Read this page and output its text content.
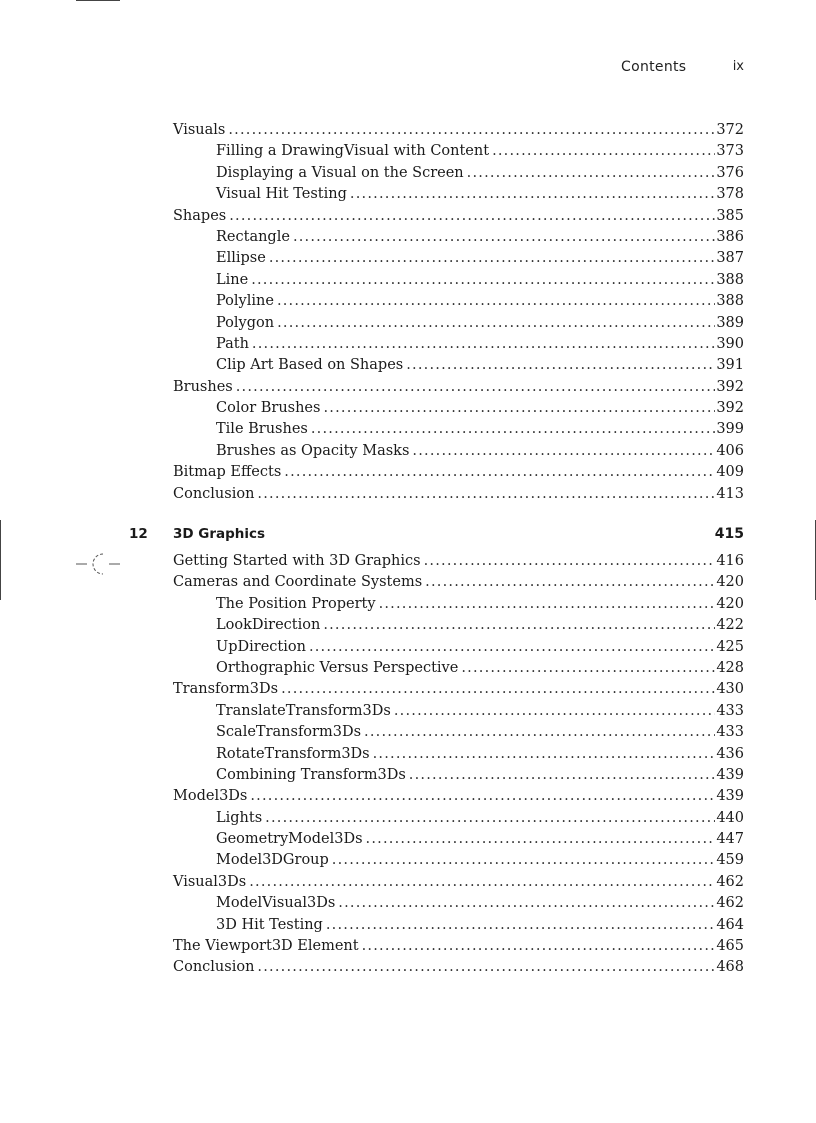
Contents	ix
Visuals .....	372
Filling a DrawingVisual with Content .....	373
Displaying a Visual on the Screen .....	376
Visual Hit Testing .....	378
Shapes .....	385
Rectangle .....	386
Ellipse .....	387
Line .....	388
Polyline .....	388
Polygon .....	389
Path .....	390
Clip Art Based on Shapes .....	391
Brushes .....	392
Color Brushes .....	392
Tile Brushes .....	399
Brushes as Opacity Masks .....	406
Bitmap Effects .....	409
Conclusion .....	413
12 3D Graphics	415
Getting Started with 3D Graphics .....	416
Cameras and Coordinate Systems .....	420
The Position Property .....	420
LookDirection .....	422
UpDirection .....	425
Orthographic Versus Perspective .....	428
Transform3Ds .....	430
TranslateTransform3Ds .....	433
ScaleTransform3Ds .....	433
RotateTransform3Ds .....	436
Combining Transform3Ds .....	439
Model3Ds .....	439
Lights .....	440
GeometryModel3Ds .....	447
Model3DGroup .....	459
Visual3Ds .....	462
ModelVisual3Ds .....	462
3D Hit Testing .....	464
The Viewport3D Element .....	465
Conclusion .....	468
